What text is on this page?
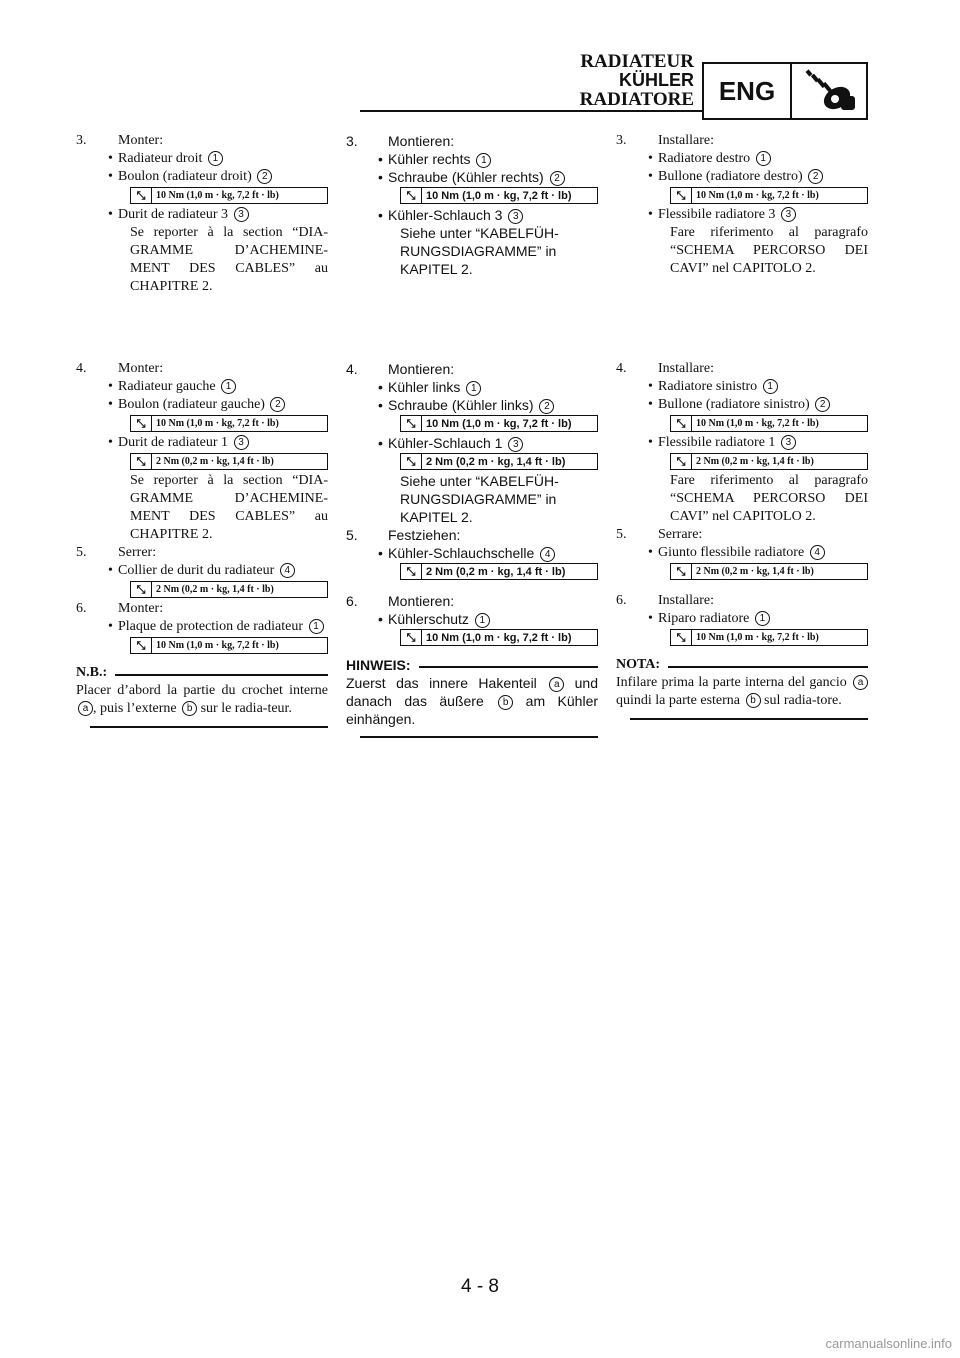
RADIATEUR
KÜHLER
RADIATORE ENG
3. Monter:
• Radiateur droit 1
• Boulon (radiateur droit) 2
⤡	10 Nm (1,0 m · kg, 7,2 ft · lb)
• Durit de radiateur 3 3
Se reporter à la section “DIA-GRAMME D’ACHEMINE-MENT DES CABLES” au CHAPITRE 2.
3. Montieren:
• Kühler rechts 1
• Schraube (Kühler rechts) 2
⤡ 10 Nm (1,0 m · kg, 7,2 ft · lb)
• Kühler-Schlauch 3 3
Siehe unter “KABELFÜH-RUNGSDIAGRAMME” in KAPITEL 2.
3. Installare:
• Radiatore destro 1
• Bullone (radiatore destro) 2
⤡	10 Nm (1,0 m · kg, 7,2 ft · lb)
• Flessibile radiatore 3 3
Fare riferimento al paragrafo “SCHEMA PERCORSO DEI CAVI” nel CAPITOLO 2.
4. Monter:
• Radiateur gauche 1
• Boulon (radiateur gauche) 2
⤡	10 Nm (1,0 m · kg, 7,2 ft · lb)
• Durit de radiateur 1 3
⤡	2 Nm (0,2 m · kg, 1,4 ft · lb)
Se reporter à la section “DIA-GRAMME D’ACHEMINE-MENT DES CABLES” au CHAPITRE 2.
5. Serrer:
• Collier de durit du radiateur 4
⤡	2 Nm (0,2 m · kg, 1,4 ft · lb)
6. Monter:
• Plaque de protection de radiateur 1
⤡	10 Nm (1,0 m · kg, 7,2 ft · lb)
N.B.:
Placer d’abord la partie du crochet interne a , puis l’externe b sur le radia-teur.
4. Montieren:
• Kühler links 1
• Schraube (Kühler links) 2
⤡ 10 Nm (1,0 m · kg, 7,2 ft · lb)
• Kühler-Schlauch 1 3
⤡ 2 Nm (0,2 m · kg, 1,4 ft · lb)
Siehe unter “KABELFÜH-RUNGSDIAGRAMME” in KAPITEL 2.
5. Festziehen:
• Kühler-Schlauchschelle 4
⤡ 2 Nm (0,2 m · kg, 1,4 ft · lb)
6. Montieren:
• Kühlerschutz 1
⤡ 10 Nm (1,0 m · kg, 7,2 ft · lb)
HINWEIS:
Zuerst das innere Hakenteil a und danach das äußere b am Kühler einhängen.
4. Installare:
• Radiatore sinistro 1
• Bullone (radiatore sinistro) 2
⤡	10 Nm (1,0 m · kg, 7,2 ft · lb)
• Flessibile radiatore 1 3
⤡	2 Nm (0,2 m · kg, 1,4 ft · lb)
Fare riferimento al paragrafo “SCHEMA PERCORSO DEI CAVI” nel CAPITOLO 2.
5. Serrare:
• Giunto flessibile radiatore 4
⤡	2 Nm (0,2 m · kg, 1,4 ft · lb)
6. Installare:
• Riparo radiatore 1
⤡	10 Nm (1,0 m · kg, 7,2 ft · lb)
NOTA:
Infilare prima la parte interna del gancio a quindi la parte esterna b sul radia-tore.
4 - 8
carmanualsonline.info
